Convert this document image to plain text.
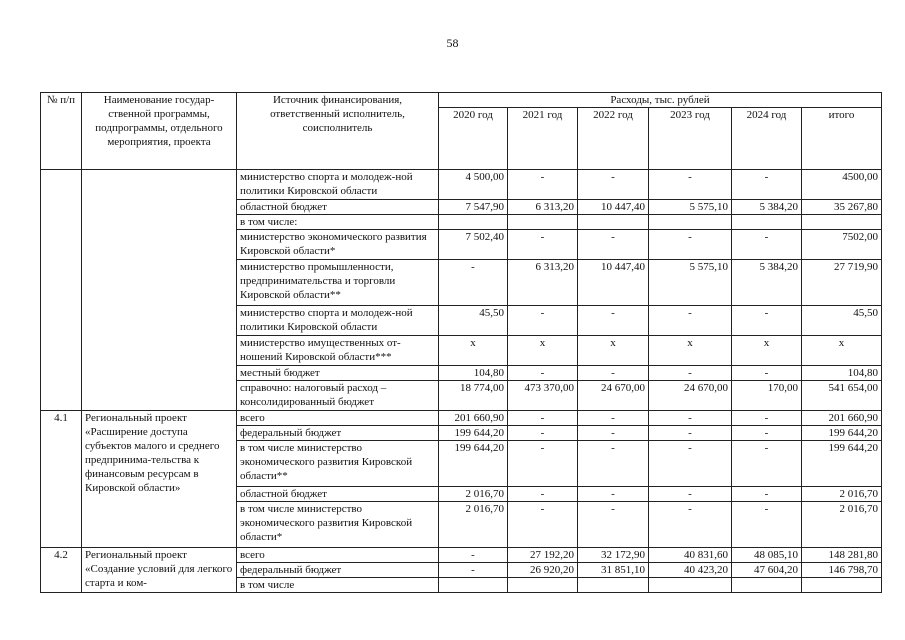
58
№ п/п	Наименование государ-ственной программы, подпрограммы, отдельного мероприятия, проекта	Источник финансирования, ответственный исполнитель, соисполнитель	Расходы, тыс. рублей					
			2020 год	2021 год	2022 год	2023 год	2024 год	итого
		министерство спорта и молодеж-ной политики Кировской области	4 500,00	-	-	-	-	4500,00
		областной бюджет	7 547,90	6 313,20	10 447,40	5 575,10	5 384,20	35 267,80
		в том числе:						
		министерство экономического развития Кировской области*	7 502,40	-	-	-	-	7502,00
		министерство промышленности, предпринимательства и торговли Кировской области**	-	6 313,20	10 447,40	5 575,10	5 384,20	27 719,90
		министерство спорта и молодеж-ной политики Кировской области	45,50	-	-	-	-	45,50
		министерство имущественных от-ношений Кировской области***	x	x	x	x	x	x
		местный бюджет	104,80	-	-	-	-	104,80
		справочно: налоговый расход – консолидированный бюджет	18 774,00	473 370,00	24 670,00	24 670,00	170,00	541 654,00
4.1	Региональный проект «Расширение доступа субъектов малого и среднего предпринима-тельства к финансовым ресурсам в Кировской области»	всего	201 660,90	-	-	-	-	201 660,90
		федеральный бюджет	199 644,20	-	-	-	-	199 644,20
		в том числе министерство экономического развития Кировской области**	199 644,20	-	-	-	-	199 644,20
		областной бюджет	2 016,70	-	-	-	-	2 016,70
		в том числе министерство экономического развития Кировской области*	2 016,70	-	-	-	-	2 016,70
4.2	Региональный проект «Создание условий для легкого старта и ком-	всего	-	27 192,20	32 172,90	40 831,60	48 085,10	148 281,80
		федеральный бюджет	-	26 920,20	31 851,10	40 423,20	47 604,20	146 798,70
		в том числе						
